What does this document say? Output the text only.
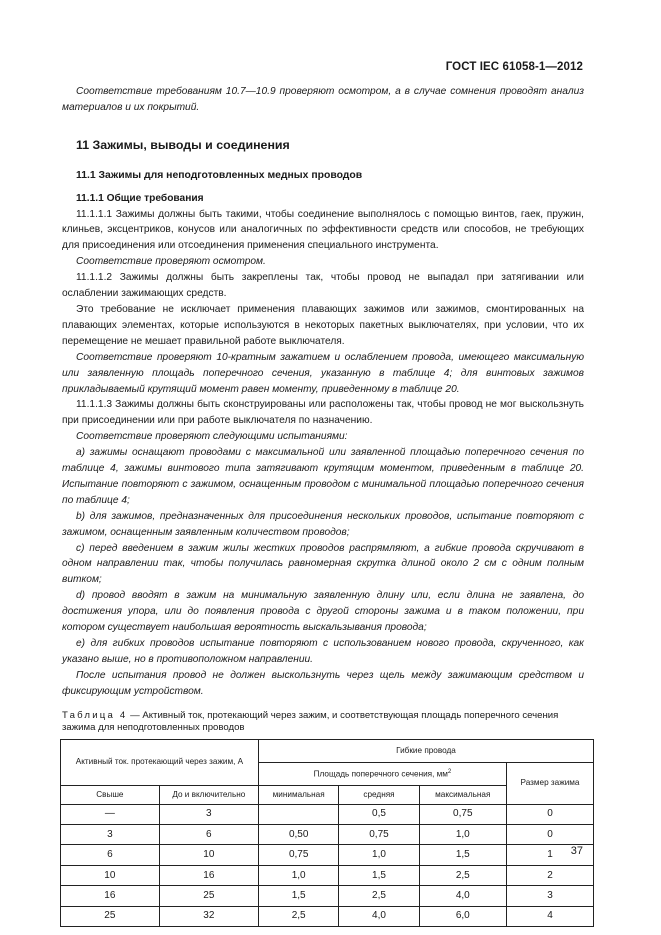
ГОСТ IEC 61058-1—2012

Соответствие требованиям 10.7—10.9 проверяют осмотром, а в случае сомнения проводят анализ материалов и их покрытий.

11 Зажимы, выводы и соединения
11.1 Зажимы для неподготовленных медных проводов
11.1.1 Общие требования

11.1.1.1 Зажимы должны быть такими, чтобы соединение выполнялось с помощью винтов, гаек, пружин, клиньев, эксцентриков, конусов или аналогичных по эффективности средств или способов, не требующих для присоединения или отсоединения применения специального инструмента.

Соответствие проверяют осмотром.

11.1.1.2 Зажимы должны быть закреплены так, чтобы провод не выпадал при затягивании или ослаблении зажимающих средств.

Это требование не исключает применения плавающих зажимов или зажимов, смонтированных на плавающих элементах, которые используются в некоторых пакетных выключателях, при условии, что их перемещение не мешает правильной работе выключателя.

Соответствие проверяют 10-кратным зажатием и ослаблением провода, имеющего максимальную или заявленную площадь поперечного сечения, указанную в таблице 4; для винтовых зажимов прикладываемый крутящий момент равен моменту, приведенному в таблице 20.

11.1.1.3 Зажимы должны быть сконструированы или расположены так, чтобы провод не мог выскользнуть при присоединении или при работе выключателя по назначению.

Соответствие проверяют следующими испытаниями:

a) зажимы оснащают проводами с максимальной или заявленной площадью поперечного сечения по таблице 4, зажимы винтового типа затягивают крутящим моментом, приведенным в таблице 20. Испытание повторяют с зажимом, оснащенным проводом с минимальной площадью поперечного сечения по таблице 4;

b) для зажимов, предназначенных для присоединения нескольких проводов, испытание повторяют с зажимом, оснащенным заявленным количеством проводов;

c) перед введением в зажим жилы жестких проводов распрямляют, а гибкие провода скручивают в одном направлении так, чтобы получилась равномерная скрутка длиной около 2 см с одним полным витком;

d) провод вводят в зажим на минимальную заявленную длину или, если длина не заявлена, до достижения упора, или до появления провода с другой стороны зажима и в таком положении, при котором существует наибольшая вероятность выскальзывания провода;

e) для гибких проводов испытание повторяют с использованием нового провода, скрученного, как указано выше, но в противоположном направлении.

После испытания провод не должен выскользнуть через щель между зажимающим средством и фиксирующим устройством.

Таблица 4 — Активный ток, протекающий через зажим, и соответствующая площадь поперечного сечения зажима для неподготовленных проводов
Активный ток. протекающий через зажим, А		Гибкие провода			
		Площадь поперечного сечения, $мм^2$			Размер зажима
Свыше	До и включительно	минимальная	средняя	максимальная	
—	3		0,5	0,75	0
3	6	0,50	0,75	1,0	0
6	10	0,75	1,0	1,5	1
10	16	1,0	1,5	2,5	2
16	25	1,5	2,5	4,0	3
25	32	2,5	4,0	6,0	4
37
